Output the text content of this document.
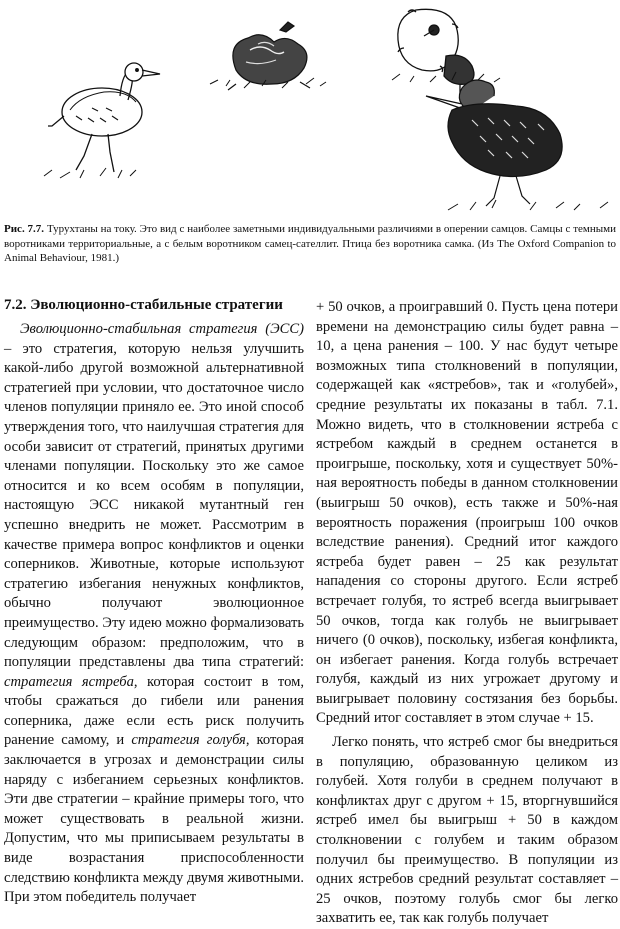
Рис. 7.7. Турухтаны на току. Это вид с наиболее заметными индивидуальными различиями в оперении самцов. Самцы с темными воротниками территориальные, а с белым воротником самец-сателлит. Птица без воротника самка. (Из The Oxford Companion to Animal Behaviour, 1981.)
7.2. Эволюционно-стабильные стратегии

Эволюционно-стабильная стратегия (ЭСС) – это стратегия, которую нельзя улучшить какой-либо другой возможной альтернативной стратегией при условии, что достаточное число членов популяции приняло ее. Это иной способ утверждения того, что наилучшая стратегия для особи зависит от стратегий, принятых другими членами популяции. Поскольку это же самое относится и ко всем особям в популяции, настоящую ЭСС никакой мутантный ген успешно внедрить не может. Рассмотрим в качестве примера вопрос конфликтов и оценки соперников. Животные, которые используют стратегию избегания ненужных конфликтов, обычно получают эволюционное преимущество. Эту идею можно формализовать следующим образом: предположим, что в популяции представлены два типа стратегий: стратегия ястреба, которая состоит в том, чтобы сражаться до гибели или ранения соперника, даже если есть риск получить ранение самому, и стратегия голубя, которая заключается в угрозах и демонстрации силы наряду с избеганием серьезных конфликтов. Эти две стратегии – крайние примеры того, что может существовать в реальной жизни. Допустим, что мы приписываем результаты в виде возрастания приспособленности следствию конфликта между двумя животными. При этом победитель получает

+ 50 очков, а проигравший 0. Пусть цена потери времени на демонстрацию силы будет равна – 10, а цена ранения – 100. У нас будут четыре возможных типа столкновений в популяции, содержащей как «ястребов», так и «голубей», средние результаты их показаны в табл. 7.1. Можно видеть, что в столкновении ястреба с ястребом каждый в среднем останется в проигрыше, поскольку, хотя и существует 50%-ная вероятность победы в данном столкновении (выигрыш 50 очков), есть также и 50%-ная вероятность поражения (проигрыш 100 очков вследствие ранения). Средний итог каждого ястреба будет равен – 25 как результат нападения со стороны другого. Если ястреб встречает голубя, то ястреб всегда выигрывает 50 очков, тогда как голубь не выигрывает ничего (0 очков), поскольку, избегая конфликта, он избегает ранения. Когда голубь встречает голубя, каждый из них угрожает другому и выигрывает половину состязания без борьбы. Средний итог составляет в этом случае + 15.

Легко понять, что ястреб смог бы внедриться в популяцию, образованную целиком из голубей. Хотя голуби в среднем получают в конфликтах друг с другом + 15, вторгнувшийся ястреб имел бы выигрыш + 50 в каждом столкновении с голубем и таким образом получил бы преимущество. В популяции из одних ястребов средний результат составляет – 25 очков, поэтому голубь смог бы легко захватить ее, так как голубь получает
